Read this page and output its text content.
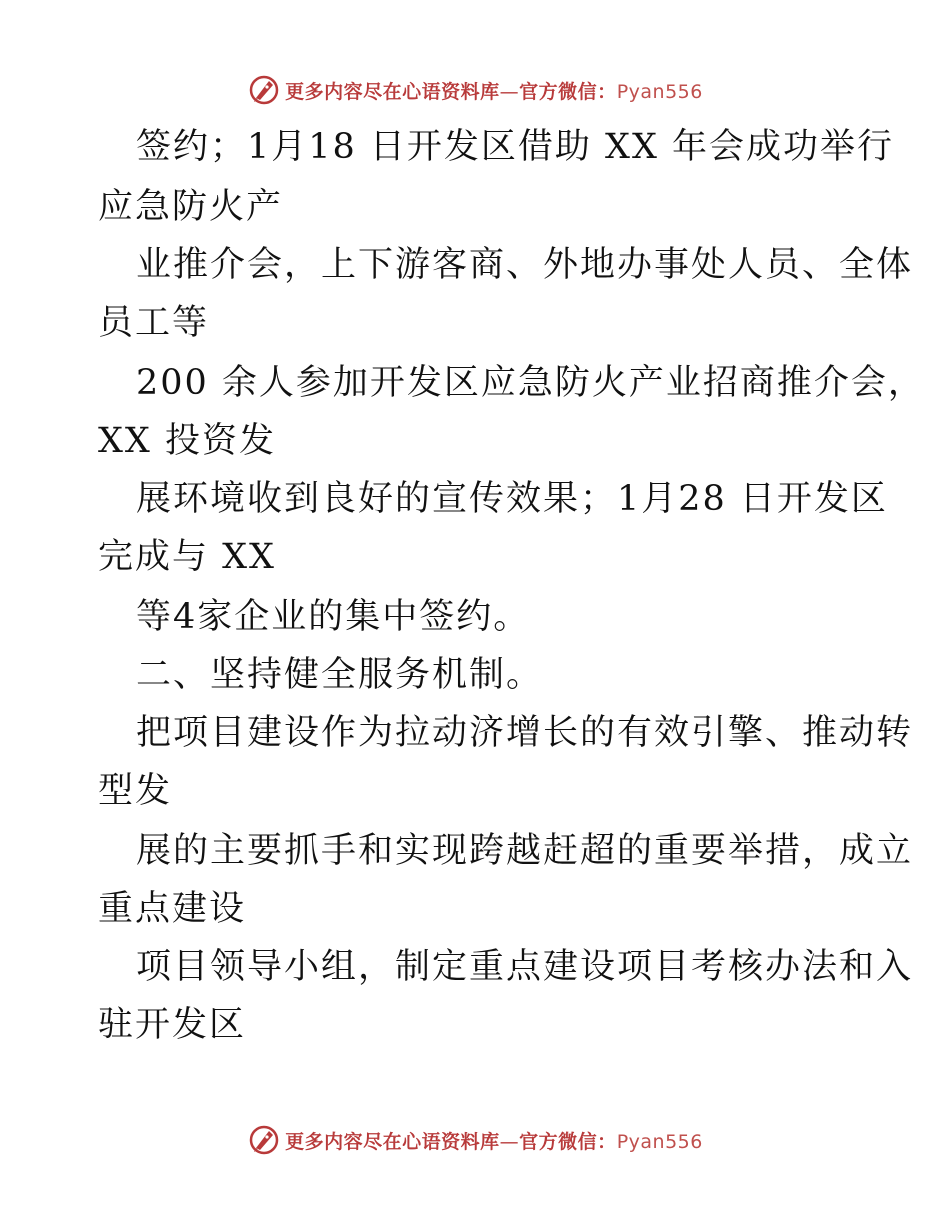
更多内容尽在心语资料库—官方微信：Pyan556
签约；1月18 日开发区借助 XX 年会成功举行
应急防火产
业推介会，上下游客商、外地办事处人员、全体
员工等
200 余人参加开发区应急防火产业招商推介会，
XX 投资发
展环境收到良好的宣传效果；1月28 日开发区
完成与 XX
等4家企业的集中签约。
二、坚持健全服务机制。
把项目建设作为拉动济增长的有效引擎、推动转
型发
展的主要抓手和实现跨越赶超的重要举措，成立
重点建设
项目领导小组，制定重点建设项目考核办法和入
驻开发区
更多内容尽在心语资料库—官方微信：Pyan556
